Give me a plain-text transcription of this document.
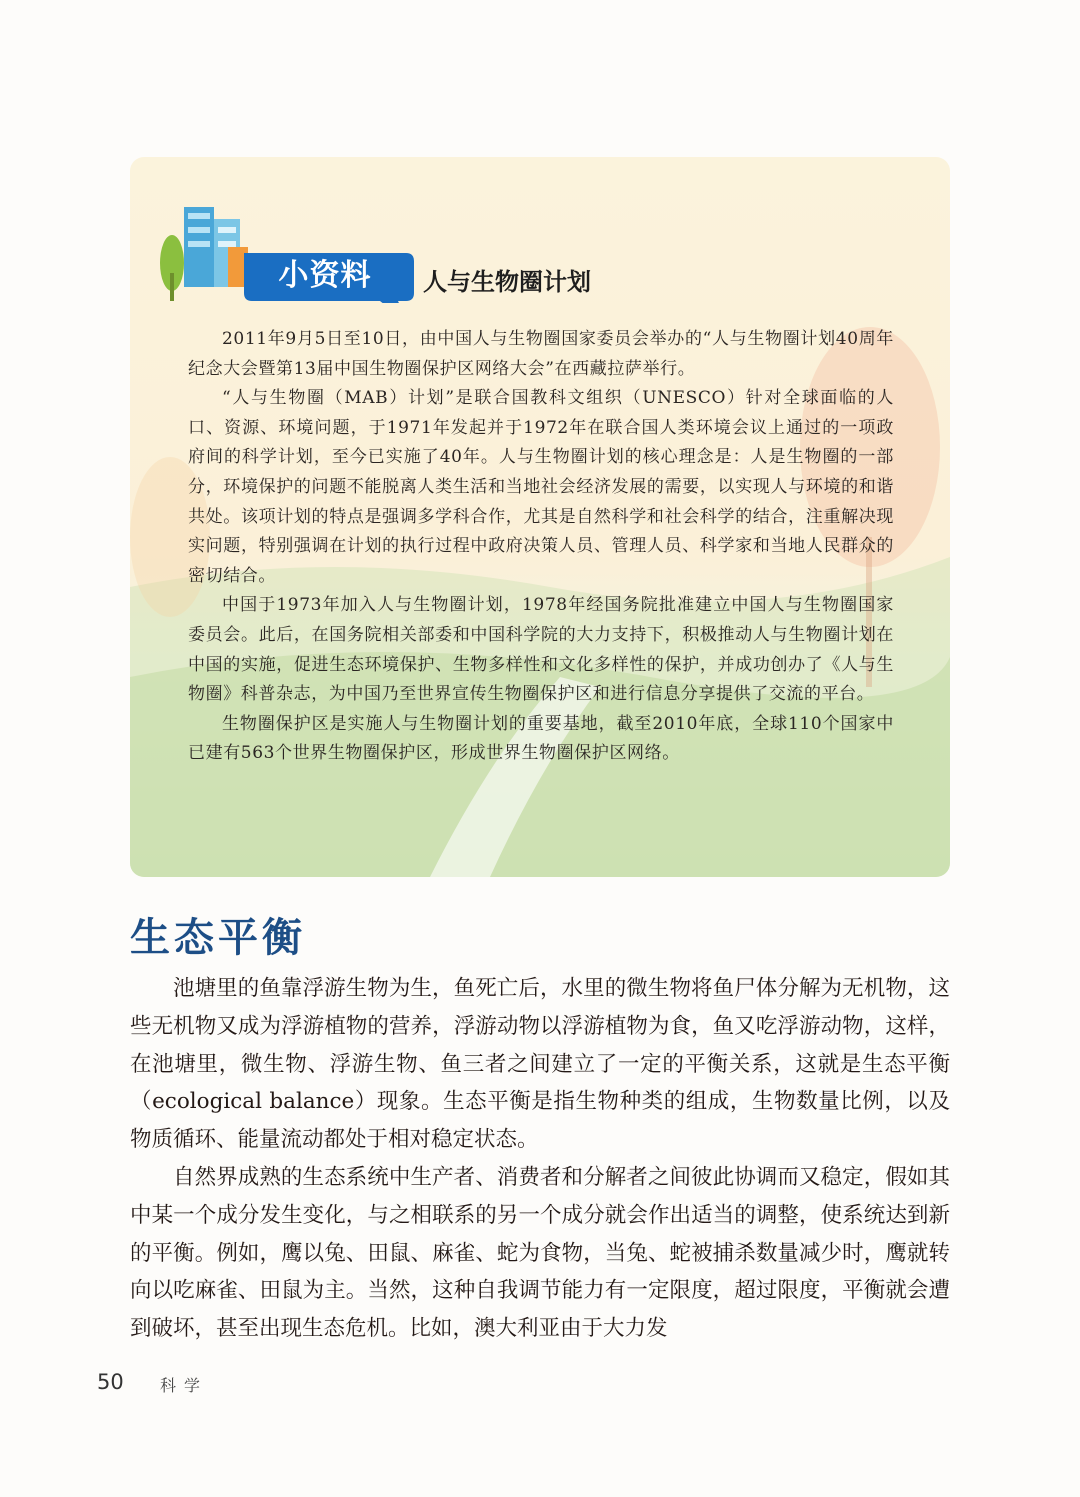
小资料	人与生物圈计划

2011年9月5日至10日，由中国人与生物圈国家委员会举办的“人与生物圈计划40周年纪念大会暨第13届中国生物圈保护区网络大会”在西藏拉萨举行。

“人与生物圈（MAB）计划”是联合国教科文组织（UNESCO）针对全球面临的人口、资源、环境问题，于1971年发起并于1972年在联合国人类环境会议上通过的一项政府间的科学计划，至今已实施了40年。人与生物圈计划的核心理念是：人是生物圈的一部分，环境保护的问题不能脱离人类生活和当地社会经济发展的需要，以实现人与环境的和谐共处。该项计划的特点是强调多学科合作，尤其是自然科学和社会科学的结合，注重解决现实问题，特别强调在计划的执行过程中政府决策人员、管理人员、科学家和当地人民群众的密切结合。

中国于1973年加入人与生物圈计划，1978年经国务院批准建立中国人与生物圈国家委员会。此后，在国务院相关部委和中国科学院的大力支持下，积极推动人与生物圈计划在中国的实施，促进生态环境保护、生物多样性和文化多样性的保护，并成功创办了《人与生物圈》科普杂志，为中国乃至世界宣传生物圈保护区和进行信息分享提供了交流的平台。

生物圈保护区是实施人与生物圈计划的重要基地，截至2010年底，全球110个国家中已建有563个世界生物圈保护区，形成世界生物圈保护区网络。

生态平衡

池塘里的鱼靠浮游生物为生，鱼死亡后，水里的微生物将鱼尸体分解为无机物，这些无机物又成为浮游植物的营养，浮游动物以浮游植物为食，鱼又吃浮游动物，这样，在池塘里，微生物、浮游生物、鱼三者之间建立了一定的平衡关系，这就是生态平衡（ecological balance）现象。生态平衡是指生物种类的组成，生物数量比例，以及物质循环、能量流动都处于相对稳定状态。

自然界成熟的生态系统中生产者、消费者和分解者之间彼此协调而又稳定，假如其中某一个成分发生变化，与之相联系的另一个成分就会作出适当的调整，使系统达到新的平衡。例如，鹰以兔、田鼠、麻雀、蛇为食物，当兔、蛇被捕杀数量减少时，鹰就转向以吃麻雀、田鼠为主。当然，这种自我调节能力有一定限度，超过限度，平衡就会遭到破坏，甚至出现生态危机。比如，澳大利亚由于大力发

50 科学
